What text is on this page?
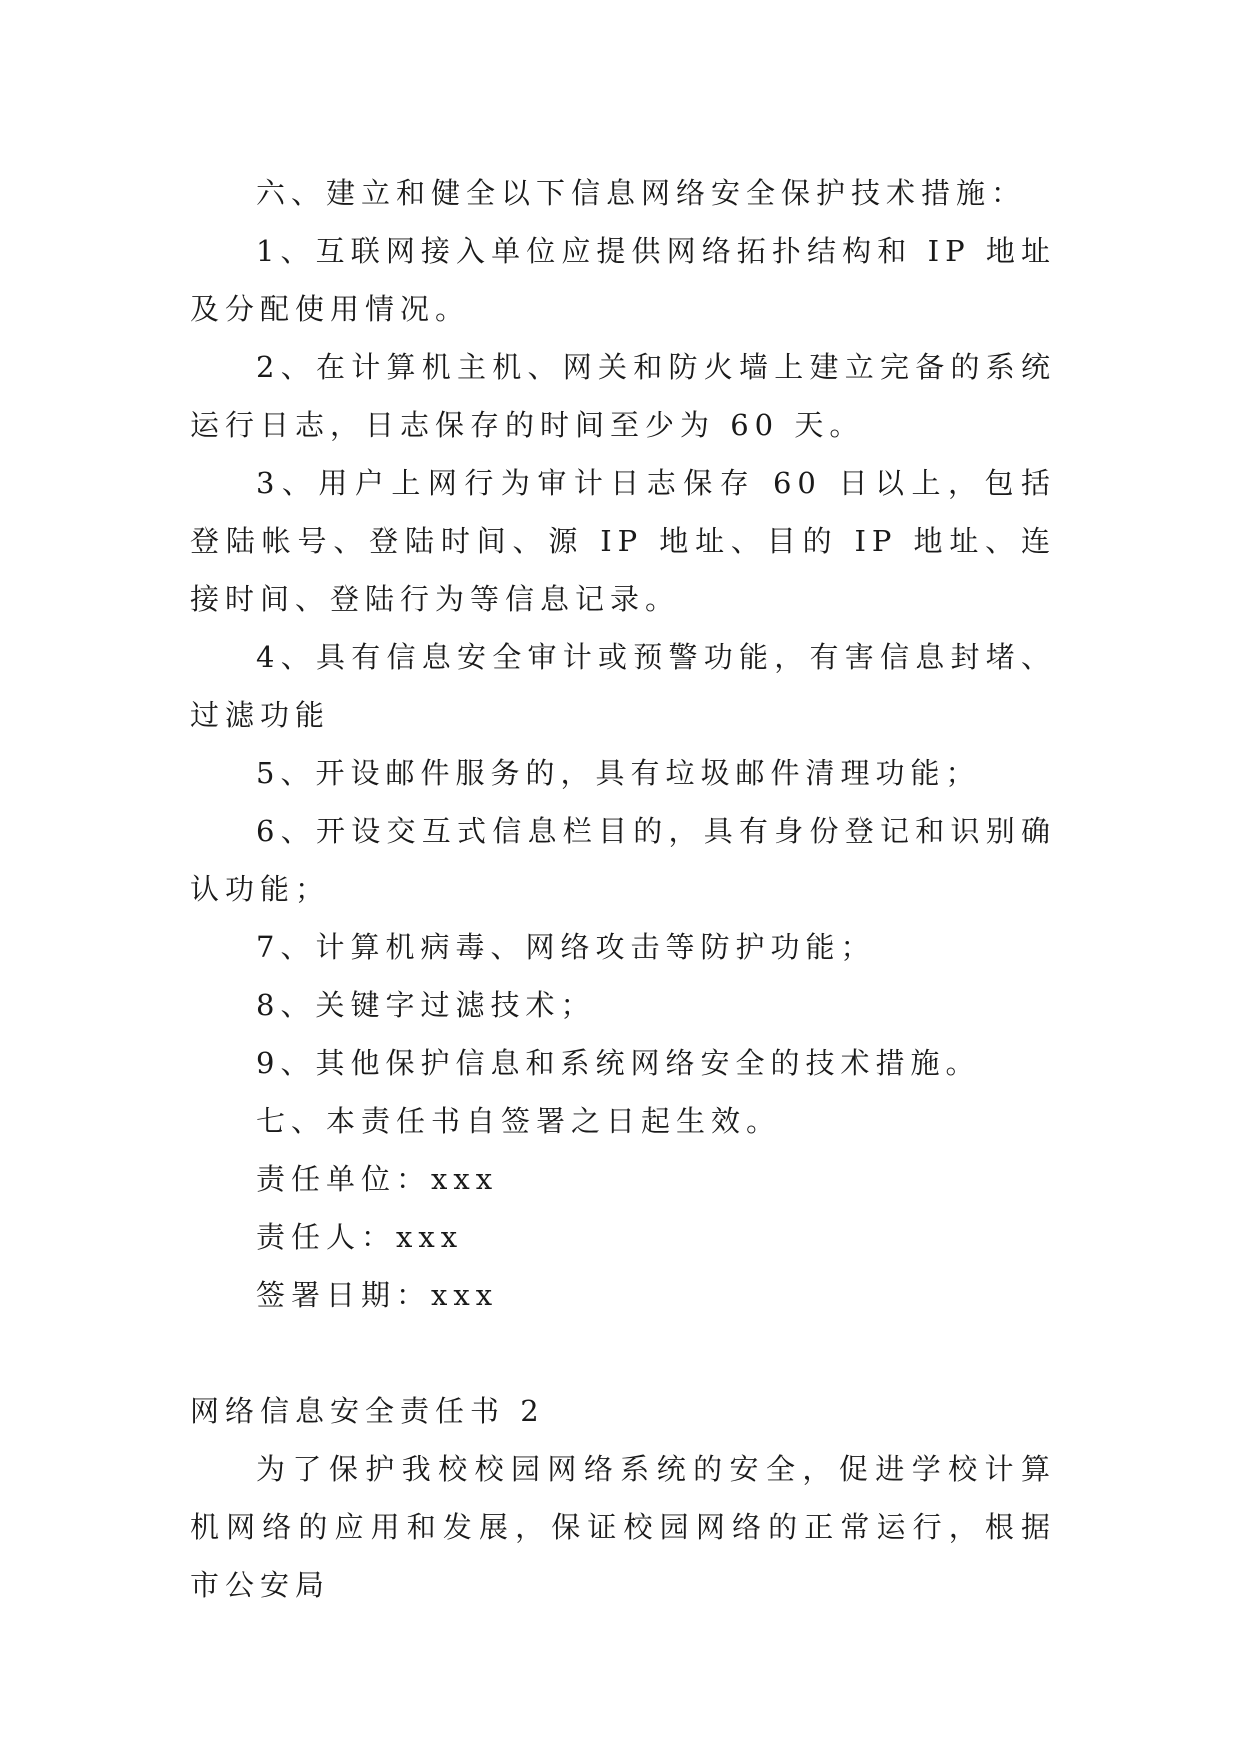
六、建立和健全以下信息网络安全保护技术措施：

1、互联网接入单位应提供网络拓扑结构和 IP 地址及分配使用情况。

2、在计算机主机、网关和防火墙上建立完备的系统运行日志，日志保存的时间至少为 60 天。

3、用户上网行为审计日志保存 60 日以上，包括登陆帐号、登陆时间、源 IP 地址、目的 IP 地址、连接时间、登陆行为等信息记录。

4、具有信息安全审计或预警功能，有害信息封堵、过滤功能

5、开设邮件服务的，具有垃圾邮件清理功能；

6、开设交互式信息栏目的，具有身份登记和识别确认功能；

7、计算机病毒、网络攻击等防护功能；

8、关键字过滤技术；

9、其他保护信息和系统网络安全的技术措施。

七、本责任书自签署之日起生效。

责任单位：xxx

责任人：xxx

签署日期：xxx

网络信息安全责任书 2

为了保护我校校园网络系统的安全，促进学校计算机网络的应用和发展，保证校园网络的正常运行，根据市公安局
